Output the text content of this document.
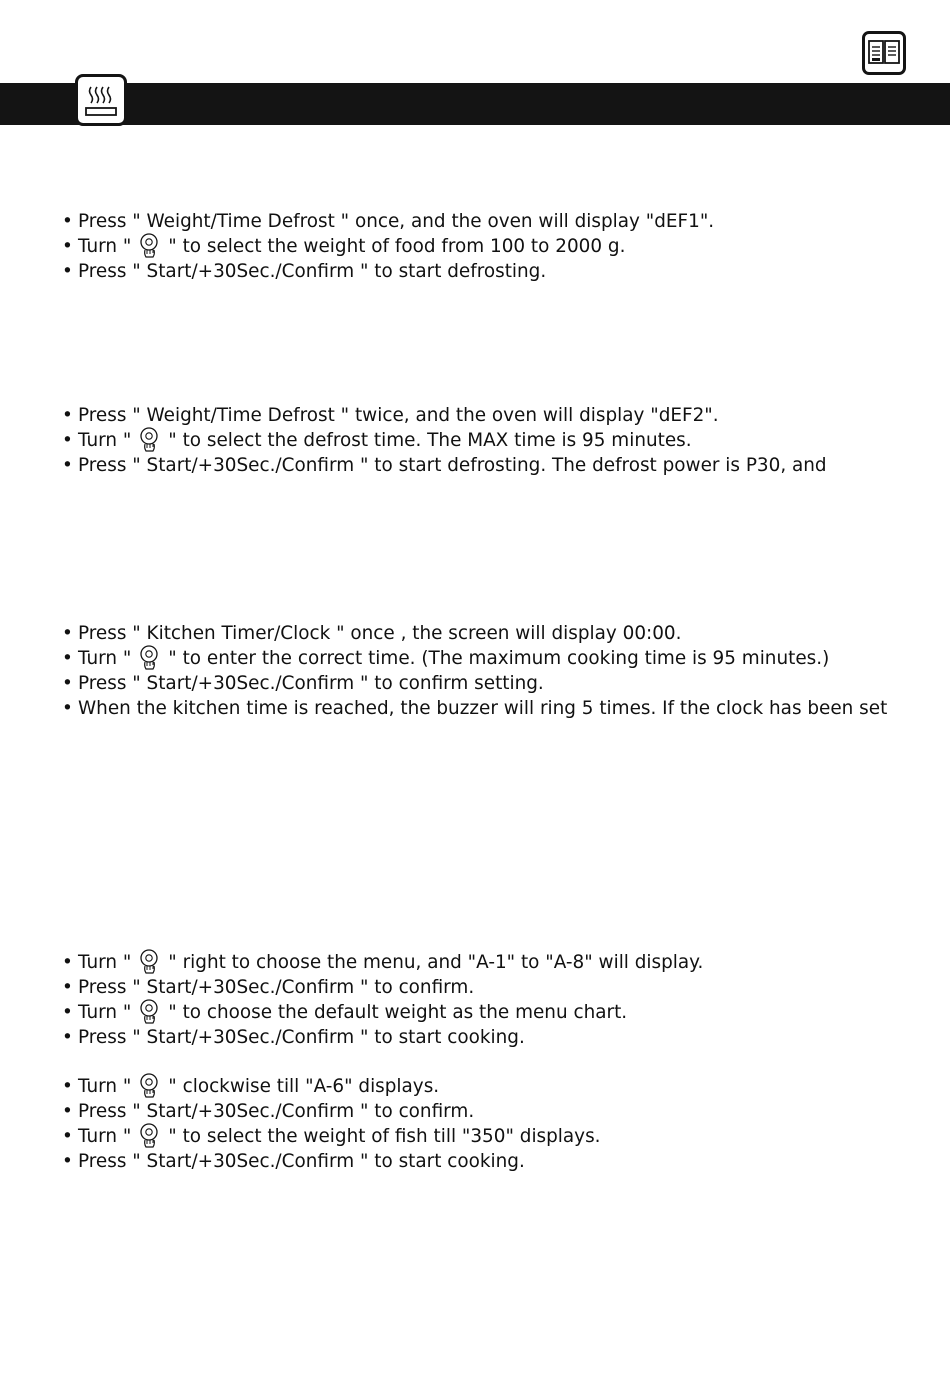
• Press " Weight/Time Defrost " once, and the oven will display "dEF1".
• Turn " " to select the weight of food from 100 to 2000 g.
• Press " Start/+30Sec./Confirm " to start defrosting.
• Press " Weight/Time Defrost " twice, and the oven will display "dEF2".
• Turn " " to select the defrost time. The MAX time is 95 minutes.
• Press " Start/+30Sec./Confirm " to start defrosting. The defrost power is P30, and
• Press " Kitchen Timer/Clock " once , the screen will display 00:00.
• Turn " " to enter the correct time. (The maximum cooking time is 95 minutes.)
• Press " Start/+30Sec./Confirm " to confirm setting.
• When the kitchen time is reached, the buzzer will ring 5 times. If the clock has been set
• Turn " " right to choose the menu, and "A-1" to "A-8" will display.
• Press " Start/+30Sec./Confirm " to confirm.
• Turn " " to choose the default weight as the menu chart.
• Press " Start/+30Sec./Confirm " to start cooking.
• Turn " " clockwise till "A-6" displays.
• Press " Start/+30Sec./Confirm " to confirm.
• Turn " " to select the weight of fish till "350" displays.
• Press " Start/+30Sec./Confirm " to start cooking.
